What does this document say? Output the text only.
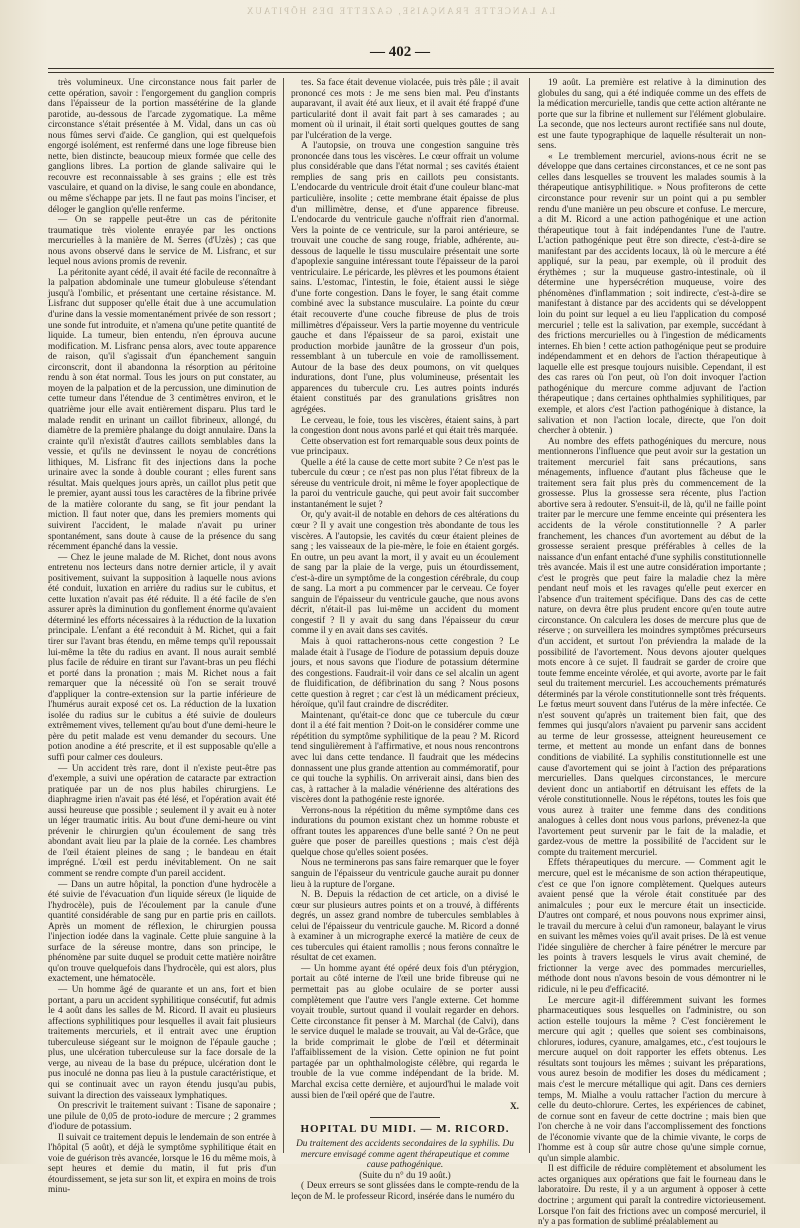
LA LANCETTE FRANÇAISE, GAZETTE DES HÔPITAUX
— 402 —

très volumineux. Une circonstance nous fait parler de cette opération, savoir : l'engorgement du ganglion compris dans l'épaisseur de la portion massétérine de la glande parotide, au-dessous de l'arcade zygomatique. La même circonstance s'était présentée à M. Vidal, dans un cas où nous fûmes servi d'aide. Ce ganglion, qui est quelquefois engorgé isolément, est renfermé dans une loge fibreuse bien nette, bien distincte, beaucoup mieux formée que celle des ganglions libres. La portion de glande salivaire qui le recouvre est reconnaissable à ses grains ; elle est très vasculaire, et quand on la divise, le sang coule en abondance, ou même s'échappe par jets. Il ne faut pas moins l'inciser, et déloger le ganglion qu'elle renferme.

— On se rappelle peut-être un cas de péritonite traumatique très violente enrayée par les onctions mercurielles à la manière de M. Serres (d'Uzès) ; cas que nous avons observé dans le service de M. Lisfranc, et sur lequel nous avions promis de revenir.

La péritonite ayant cédé, il avait été facile de reconnaître à la palpation abdominale une tumeur globuleuse s'étendant jusqu'à l'ombilic, et présentant une certaine résistance. M. Lisfranc dut supposer qu'elle était due à une accumulation d'urine dans la vessie momentanément privée de son ressort ; une sonde fut introduite, et n'amena qu'une petite quantité de liquide. La tumeur, bien entendu, n'en éprouva aucune modification. M. Lisfranc pensa alors, avec toute apparence de raison, qu'il s'agissait d'un épanchement sanguin circonscrit, dont il abandonna la résorption au péritoine rendu à son état normal. Tous les jours on put constater, au moyen de la palpation et de la percussion, une diminution de cette tumeur dans l'étendue de 3 centimètres environ, et le quatrième jour elle avait entièrement disparu. Plus tard le malade rendit en urinant un caillot fibrineux, allongé, du diamètre de la première phalange du doigt annulaire. Dans la crainte qu'il n'existât d'autres caillots semblables dans la vessie, et qu'ils ne devinssent le noyau de concrétions lithiques, M. Lisfranc fit des injections dans la poche urinaire avec la sonde à double courant ; elles furent sans résultat. Mais quelques jours après, un caillot plus petit que le premier, ayant aussi tous les caractères de la fibrine privée de la matière colorante du sang, se fit jour pendant la miction. Il faut noter que, dans les premiers moments qui suivirent l'accident, le malade n'avait pu uriner spontanément, sans doute à cause de la présence du sang récemment épanché dans la vessie.

— Chez le jeune malade de M. Richet, dont nous avons entretenu nos lecteurs dans notre dernier article, il y avait positivement, suivant la supposition à laquelle nous avions été conduit, luxation en arrière du radius sur le cubitus, et cette luxation n'avait pas été réduite. Il a été facile de s'en assurer après la diminution du gonflement énorme qu'avaient déterminé les efforts nécessaires à la réduction de la luxation principale. L'enfant a été reconduit à M. Richet, qui a fait tirer sur l'avant bras étendu, en même temps qu'il repoussait lui-même la tête du radius en avant. Il nous aurait semblé plus facile de réduire en tirant sur l'avant-bras un peu fléchi et porté dans la pronation ; mais M. Richet nous a fait remarquer que la nécessité où l'on se serait trouvé d'appliquer la contre-extension sur la partie inférieure de l'humérus aurait exposé cet os. La réduction de la luxation isolée du radius sur le cubitus a été suivie de douleurs extrêmement vives, tellement qu'au bout d'une demi-heure le père du petit malade est venu demander du secours. Une potion anodine a été prescrite, et il est supposable qu'elle a suffi pour calmer ces douleurs.

— Un accident très rare, dont il n'existe peut-être pas d'exemple, a suivi une opération de cataracte par extraction pratiquée par un de nos plus habiles chirurgiens. Le diaphragme irien n'avait pas été lésé, et l'opération avait été aussi heureuse que possible ; seulement il y avait eu à noter un léger traumatic iritis. Au bout d'une demi-heure ou vint prévenir le chirurgien qu'un écoulement de sang très abondant avait lieu par la plaie de la cornée. Les chambres de l'œil étaient pleines de sang ; le bandeau en était imprégné. L'œil est perdu inévitablement. On ne sait comment se rendre compte d'un pareil accident.

— Dans un autre hôpital, la ponction d'une hydrocèle a été suivie de l'évacuation d'un liquide séreux (le liquide de l'hydrocèle), puis de l'écoulement par la canule d'une quantité considérable de sang pur en partie pris en caillots. Après un moment de réflexion, le chirurgien poussa l'injection iodée dans la vaginale. Cette pluie sanguine à la surface de la séreuse montre, dans son principe, le phénomène par suite duquel se produit cette matière noirâtre qu'on trouve quelquefois dans l'hydrocèle, qui est alors, plus exactement, une hématocèle.

— Un homme âgé de quarante et un ans, fort et bien portant, a paru un accident syphilitique consécutif, fut admis le 4 août dans les salles de M. Ricord. Il avait eu plusieurs affections syphilitiques pour lesquelles il avait fait plusieurs traitements mercuriels, et il entrait avec une éruption tuberculeuse siégeant sur le moignon de l'épaule gauche ; plus, une ulcération tuberculeuse sur la face dorsale de la verge, au niveau de la base du prépuce, ulcération dont le pus inoculé ne donna pas lieu à la pustule caractéristique, et qui se continuait avec un rayon étendu jusqu'au pubis, suivant la direction des vaisseaux lymphatiques.

On prescrivit le traitement suivant : Tisane de saponaire ; une pilule de 0,05 de proto-iodure de mercure ; 2 grammes d'iodure de potassium.

Il suivait ce traitement depuis le lendemain de son entrée à l'hôpital (5 août), et déjà le symptôme syphilitique était en voie de guérison très avancée, lorsque le 16 du même mois, à sept heures et demie du matin, il fut pris d'un étourdissement, se jeta sur son lit, et expira en moins de trois minu-

tes. Sa face était devenue violacée, puis très pâle ; il avait prononcé ces mots : Je me sens bien mal. Peu d'instants auparavant, il avait été aux lieux, et il avait été frappé d'une particularité dont il avait fait part à ses camarades ; au moment où il urinait, il était sorti quelques gouttes de sang par l'ulcération de la verge.

A l'autopsie, on trouva une congestion sanguine très prononcée dans tous les viscères. Le cœur offrait un volume plus considérable que dans l'état normal ; ses cavités étaient remplies de sang pris en caillots peu consistants. L'endocarde du ventricule droit était d'une couleur blanc-mat particulière, insolite ; cette membrane était épaisse de plus d'un millimètre, dense, et d'une apparence fibreuse. L'endocarde du ventricule gauche n'offrait rien d'anormal. Vers la pointe de ce ventricule, sur la paroi antérieure, se trouvait une couche de sang rouge, friable, adhérente, au-dessous de laquelle le tissu musculaire présentait une sorte d'apoplexie sanguine intéressant toute l'épaisseur de la paroi ventriculaire. Le péricarde, les plèvres et les poumons étaient sains. L'estomac, l'intestin, le foie, étaient aussi le siège d'une forte congestion. Dans le foyer, le sang était comme combiné avec la substance musculaire. La pointe du cœur était recouverte d'une couche fibreuse de plus de trois millimètres d'épaisseur. Vers la partie moyenne du ventricule gauche et dans l'épaisseur de sa paroi, existait une production morbide jaunâtre de la grosseur d'un pois, ressemblant à un tubercule en voie de ramollissement. Autour de la base des deux poumons, on vit quelques indurations, dont l'une, plus volumineuse, présentait les apparences du tubercule cru. Les autres points indurés étaient constitués par des granulations grisâtres non agrégées.

Le cerveau, le foie, tous les viscères, étaient sains, à part la congestion dont nous avons parlé et qui était très marquée.

Cette observation est fort remarquable sous deux points de vue principaux.

Quelle a été la cause de cette mort subite ? Ce n'est pas le tubercule du cœur ; ce n'est pas non plus l'état fibreux de la séreuse du ventricule droit, ni même le foyer apoplectique de la paroi du ventricule gauche, qui peut avoir fait succomber instantanément le sujet ?

Or, qu'y avait-il de notable en dehors de ces altérations du cœur ? Il y avait une congestion très abondante de tous les viscères. A l'autopsie, les cavités du cœur étaient pleines de sang ; les vaisseaux de la pie-mère, le foie en étaient gorgés. En outre, un peu avant la mort, il y avait eu un écoulement de sang par la plaie de la verge, puis un étourdissement, c'est-à-dire un symptôme de la congestion cérébrale, du coup de sang. La mort a pu commencer par le cerveau. Ce foyer sanguin de l'épaisseur du ventricule gauche, que nous avons décrit, n'était-il pas lui-même un accident du moment congestif ? Il y avait du sang dans l'épaisseur du cœur comme il y en avait dans ses cavités.

Mais à quoi rattacherons-nous cette congestion ? Le malade était à l'usage de l'iodure de potassium depuis douze jours, et nous savons que l'iodure de potassium détermine des congestions. Faudrait-il voir dans ce sel alcalin un agent de fluidification, de défibrination du sang ? Nous posons cette question à regret ; car c'est là un médicament précieux, héroïque, qu'il faut craindre de discréditer.

Maintenant, qu'était-ce donc que ce tubercule du cœur dont il a été fait mention ? Doit-on le considérer comme une répétition du symptôme syphilitique de la peau ? M. Ricord tend singulièrement à l'affirmative, et nous nous rencontrons avec lui dans cette tendance. Il faudrait que les médecins donnassent une plus grande attention au commémoratif, pour ce qui touche la syphilis. On arriverait ainsi, dans bien des cas, à rattacher à la maladie vénérienne des altérations des viscères dont la pathogénie reste ignorée.

Verrons-nous la répétition du même symptôme dans ces indurations du poumon existant chez un homme robuste et offrant toutes les apparences d'une belle santé ? On ne peut guère que poser de pareilles questions ; mais c'est déjà quelque chose qu'elles soient posées.

Nous ne terminerons pas sans faire remarquer que le foyer sanguin de l'épaisseur du ventricule gauche aurait pu donner lieu à la rupture de l'organe.

N. B. Depuis la rédaction de cet article, on a divisé le cœur sur plusieurs autres points et on a trouvé, à différents degrés, un assez grand nombre de tubercules semblables à celui de l'épaisseur du ventricule gauche. M. Ricord a donné à examiner à un micrographe exercé la matière de ceux de ces tubercules qui étaient ramollis ; nous ferons connaître le résultat de cet examen.

— Un homme ayant été opéré deux fois d'un ptérygion, portait au côté interne de l'œil une bride fibreuse qui ne permettait pas au globe oculaire de se porter aussi complètement que l'autre vers l'angle externe. Cet homme voyait trouble, surtout quand il voulait regarder en dehors. Cette circonstance fit penser à M. Marchal (de Calvi), dans le service duquel le malade se trouvait, au Val de-Grâce, que la bride comprimait le globe de l'œil et déterminait l'affaiblissement de la vision. Cette opinion ne fut point partagée par un ophthalmologiste célèbre, qui regarda le trouble de la vue comme indépendant de la bride. M. Marchal excisa cette dernière, et aujourd'hui le malade voit aussi bien de l'œil opéré que de l'autre.

X.
HOPITAL DU MIDI. — M. RICORD.

Du traitement des accidents secondaires de la syphilis. Du mercure envisagé comme agent thérapeutique et comme cause pathogénique.

(Suite du n° du 19 août.)

( Deux erreurs se sont glissées dans le compte-rendu de la leçon de M. le professeur Ricord, insérée dans le numéro du

19 août. La première est relative à la diminution des globules du sang, qui a été indiquée comme un des effets de la médication mercurielle, tandis que cette action altérante ne porte que sur la fibrine et nullement sur l'élément globulaire. La seconde, que nos lecteurs auront rectifiée sans nul doute, est une faute typographique de laquelle résulterait un non-sens.

« Le tremblement mercuriel, avions-nous écrit ne se développe que dans certaines circonstances, et ce ne sont pas celles dans lesquelles se trouvent les malades soumis à la thérapeutique antisyphilitique. » Nous profiterons de cette circonstance pour revenir sur un point qui a pu sembler rendu d'une manière un peu obscure et confuse. Le mercure, a dit M. Ricord a une action pathogénique et une action thérapeutique tout à fait indépendantes l'une de l'autre. L'action pathogénique peut être son directe, c'est-à-dire se manifestant par des accidents locaux, là où le mercure a été appliqué, sur la peau, par exemple, où il produit des érythèmes ; sur la muqueuse gastro-intestinale, où il détermine une hypersécrétion muqueuse, voire des phénomènes d'inflammation ; soit indirecte, c'est-à-dire se manifestant à distance par des accidents qui se développent loin du point sur lequel a eu lieu l'application du composé mercuriel ; telle est la salivation, par exemple, succédant à des frictions mercurielles ou à l'ingestion de médicaments internes. Eh bien ! cette action pathogénique peut se produire indépendamment et en dehors de l'action thérapeutique à laquelle elle est presque toujours nuisible. Cependant, il est des cas rares où l'on peut, où l'on doit invoquer l'action pathogénique du mercure comme adjuvant de l'action thérapeutique ; dans certaines ophthalmies syphilitiques, par exemple, et alors c'est l'action pathogénique à distance, la salivation et non l'action locale, directe, que l'on doit chercher à obtenir. )

Au nombre des effets pathogéniques du mercure, nous mentionnerons l'influence que peut avoir sur la gestation un traitement mercuriel fait sans précautions, sans ménagements, influence d'autant plus fâcheuse que le traitement sera fait plus près du commencement de la grossesse. Plus la grossesse sera récente, plus l'action abortive sera à redouter. S'ensuit-il, de là, qu'il ne faille point traiter par le mercure une femme enceinte qui présentera les accidents de la vérole constitutionnelle ? A parler franchement, les chances d'un avortement au début de la grossesse seraient presque préférables à celles de la naissance d'un enfant entaché d'une syphilis constitutionnelle très avancée. Mais il est une autre considération importante ; c'est le progrès que peut faire la maladie chez la mère pendant neuf mois et les ravages qu'elle peut exercer en l'absence d'un traitement spécifique. Dans des cas de cette nature, on devra être plus prudent encore qu'en toute autre circonstance. On calculera les doses de mercure plus que de réserve ; on surveillera les moindres symptômes précurseurs d'un accident, et surtout l'on préviendra la malade de la possibilité de l'avortement. Nous devons ajouter quelques mots encore à ce sujet. Il faudrait se garder de croire que toute femme enceinte vérolée, et qui avorte, avorte par le fait seul du traitement mercuriel. Les accouchements prématurés déterminés par la vérole constitutionnelle sont très fréquents. Le fœtus meurt souvent dans l'utérus de la mère infectée. Ce n'est souvent qu'après un traitement bien fait, que des femmes qui jusqu'alors n'avaient pu parvenir sans accident au terme de leur grossesse, atteignent heureusement ce terme, et mettent au monde un enfant dans de bonnes conditions de viabilité. La syphilis constitutionnelle est une cause d'avortement qui se joint à l'action des préparations mercurielles. Dans quelques circonstances, le mercure devient donc un antiabortif en détruisant les effets de la vérole constitutionnelle. Nous le répétons, toutes les fois que vous aurez à traiter une femme dans des conditions analogues à celles dont nous vous parlons, prévenez-la que l'avortement peut survenir par le fait de la maladie, et gardez-vous de mettre la possibilité de l'accident sur le compte du traitement mercuriel.

Effets thérapeutiques du mercure. — Comment agit le mercure, quel est le mécanisme de son action thérapeutique, c'est ce que l'on ignore complètement. Quelques auteurs avaient pensé que la vérole était constituée par des animalcules ; pour eux le mercure était un insecticide. D'autres ont comparé, et nous pouvons nous exprimer ainsi, le travail du mercure à celui d'un ramoneur, balayant le virus en suivant les mêmes voies qu'il avait prises. De là est venue l'idée singulière de chercher à faire pénétrer le mercure par les points à travers lesquels le virus avait cheminé, de frictionner la verge avec des pommades mercurielles, méthode dont nous n'avons besoin de vous démontrer ni le ridicule, ni le peu d'efficacité.

Le mercure agit-il différemment suivant les formes pharmaceutiques sous lesquelles on l'administre, ou son action estelle toujours la même ? C'est foncièrement le mercure qui agit ; quelles que soient ses combinaisons, chlorures, iodures, cyanure, amalgames, etc., c'est toujours le mercure auquel on doit rapporter les effets obtenus. Les résultats sont toujours les mêmes ; suivant les préparations, vous aurez besoin de modifier les doses du médicament ; mais c'est le mercure métallique qui agit. Dans ces derniers temps, M. Mialhe a voulu rattacher l'action du mercure à celle du deuto-chlorure. Certes, les expériences de cabinet, de cornue sont en faveur de cette doctrine ; mais bien que l'on cherche à ne voir dans l'accomplissement des fonctions de l'économie vivante que de la chimie vivante, le corps de l'homme est à coup sûr autre chose qu'une simple cornue, qu'un simple alambic.

Il est difficile de réduire complètement et absolument les actes organiques aux opérations que fait le fourneau dans le laboratoire. Du reste, il y a un argument à opposer à cette doctrine ; argument qui paraît la contredire victorieusement. Lorsque l'on fait des frictions avec un composé mercuriel, il n'y a pas formation de sublimé préalablement au
